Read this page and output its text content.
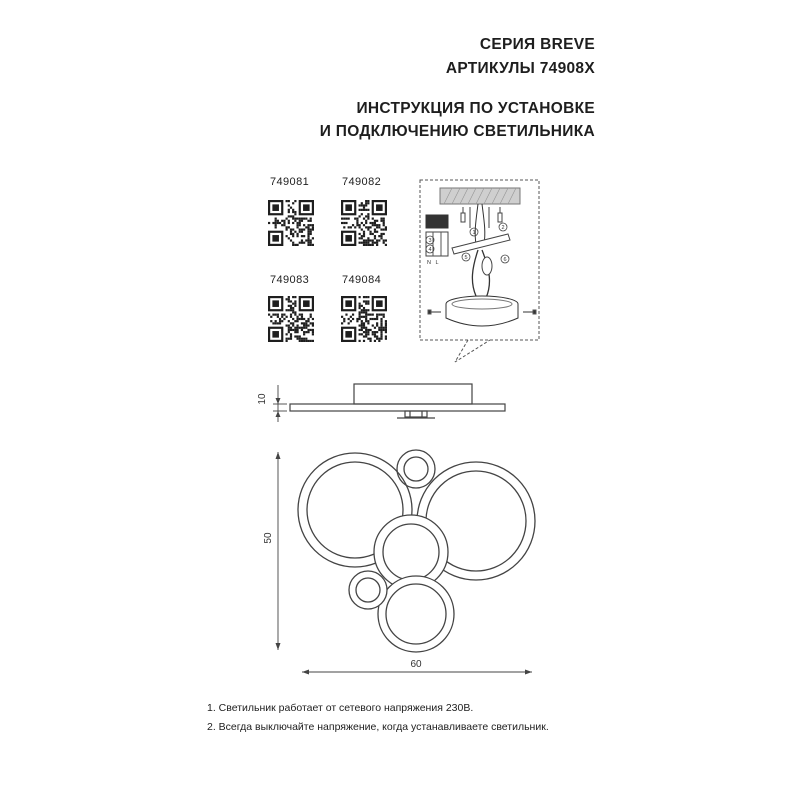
СЕРИЯ BREVE
АРТИКУЛЫ 74908X
ИНСТРУКЦИЯ ПО УСТАНОВКЕ
И ПОДКЛЮЧЕНИЮ СВЕТИЛЬНИКА
749081	749082
749083	749084
1
2
3
4
5	6
N L
10
50
60
1. Светильник работает от сетевого напряжения 230В.
2. Всегда выключайте напряжение, когда устанавливаете светильник.
